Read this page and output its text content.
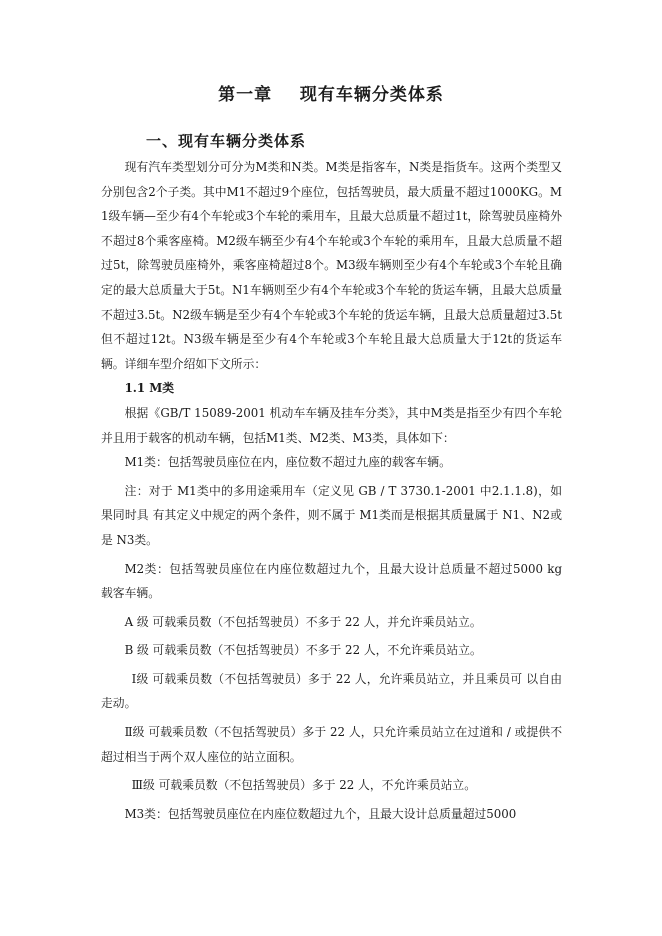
第一章    现有车辆分类体系
一、现有车辆分类体系

现有汽车类型划分可分为M类和N类。M类是指客车，N类是指货车。这两个类型又分别包含2个子类。其中M1不超过9个座位，包括驾驶员，最大质量不超过1000KG。M1级车辆—至少有4个车轮或3个车轮的乘用车，且最大总质量不超过1t，除驾驶员座椅外不超过8个乘客座椅。M2级车辆至少有4个车轮或3个车轮的乘用车，且最大总质量不超过5t，除驾驶员座椅外，乘客座椅超过8个。M3级车辆则至少有4个车轮或3个车轮且确定的最大总质量大于5t。N1车辆则至少有4个车轮或3个车轮的货运车辆，且最大总质量不超过3.5t。N2级车辆是至少有4个车轮或3个车轮的货运车辆，且最大总质量超过3.5t但不超过12t。N3级车辆是至少有4个车轮或3个车轮且最大总质量大于12t的货运车辆。详细车型介绍如下文所示：

1.1 M类

根据《GB/T 15089-2001 机动车车辆及挂车分类》，其中M类是指至少有四个车轮并且用于载客的机动车辆，包括M1类、M2类、M3类，具体如下：

M1类：包括驾驶员座位在内，座位数不超过九座的载客车辆。

注：对于 M1类中的多用途乘用车（定义见 GB / T 3730.1-2001 中2.1.1.8)，如果同时具 有其定义中规定的两个条件，则不属于 M1类而是根据其质量属于 N1、N2或是 N3类。

M2类：包括驾驶员座位在内座位数超过九个，且最大设计总质量不超过5000 kg 载客车辆。

A 级 可载乘员数（不包括驾驶员）不多于 22 人，并允许乘员站立。

B 级 可载乘员数（不包括驾驶员）不多于 22 人，不允许乘员站立。

Ⅰ级 可载乘员数（不包括驾驶员）多于 22 人，允许乘员站立，并且乘员可 以自由走动。

Ⅱ级 可载乘员数（不包括驾驶员）多于 22 人，只允许乘员站立在过道和 / 或提供不超过相当于两个双人座位的站立面积。

Ⅲ级 可载乘员数（不包括驾驶员）多于 22 人，不允许乘员站立。

M3类：包括驾驶员座位在内座位数超过九个，且最大设计总质量超过5000
